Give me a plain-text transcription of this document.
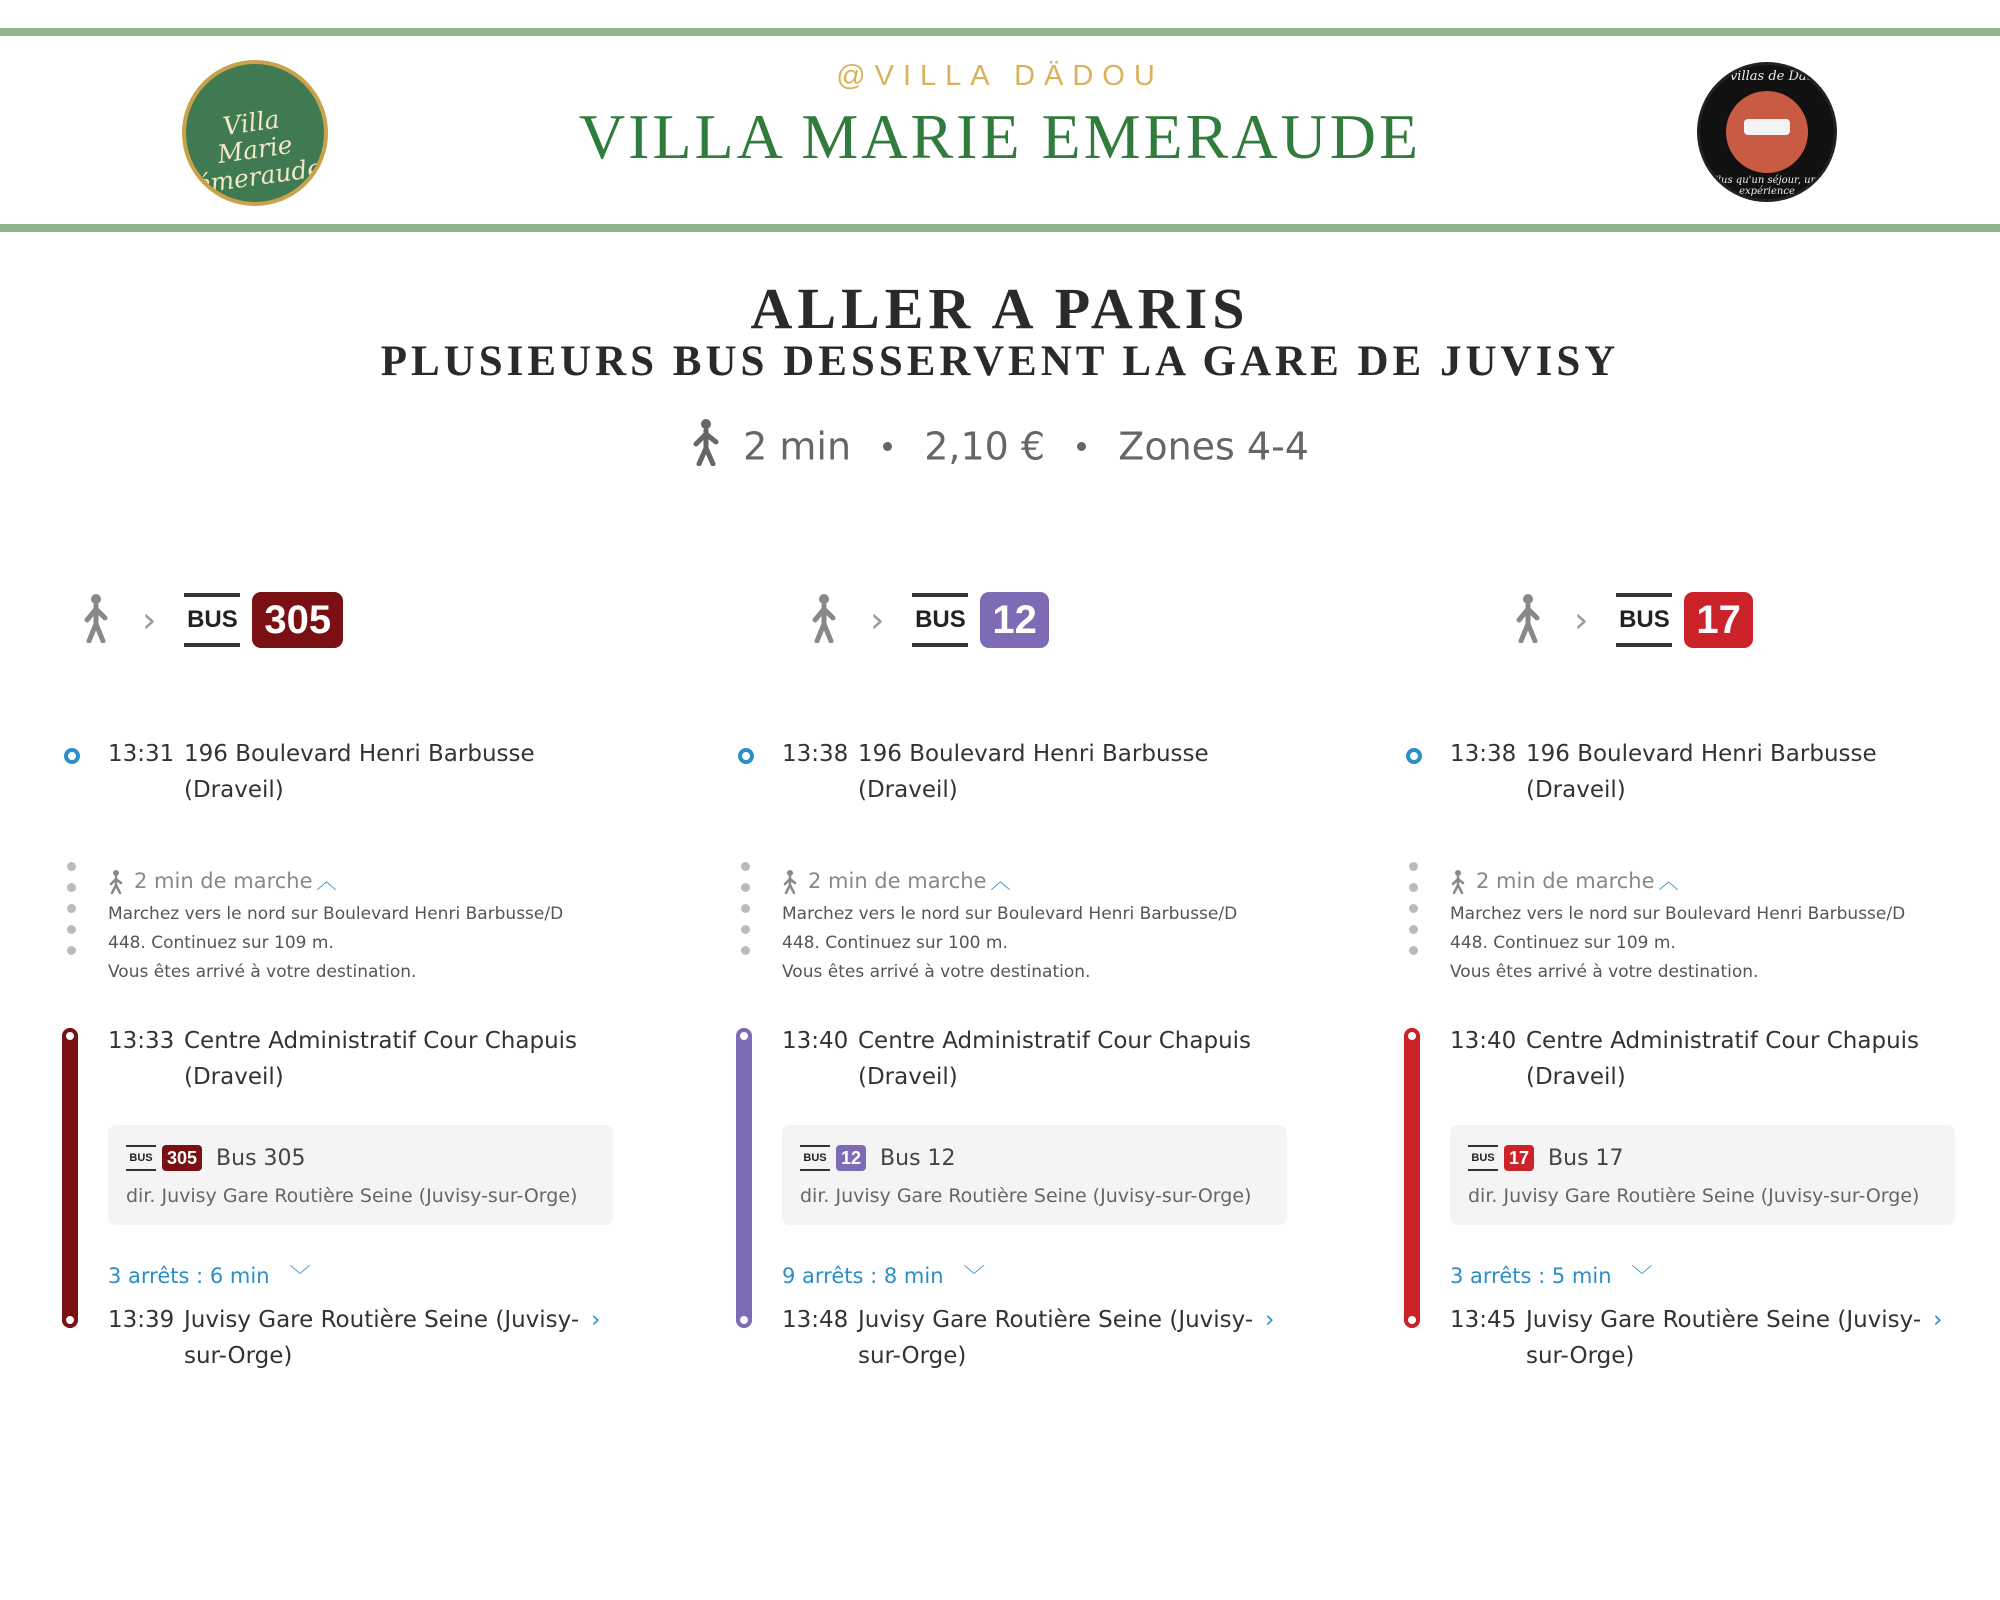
Villa Marie émeraude
Les villas de Dädou
Plus qu'un séjour, une expérience
@VILLA DÄDOU
VILLA MARIE EMERAUDE
ALLER A PARIS
PLUSIEURS BUS DESSERVENT LA GARE DE JUVISY
2 min 2,10 € Zones 4-4
› BUS 305
13:31 196 Boulevard Henri Barbusse
(Draveil)
2 min de marche ︿
Marchez vers le nord sur Boulevard Henri Barbusse/D
448. Continuez sur 109 m.
Vous êtes arrivé à votre destination.
13:33 Centre Administratif Cour Chapuis
(Draveil)
BUS 305 Bus 305
dir. Juvisy Gare Routière Seine (Juvisy-sur-Orge)
3 arrêts : 6 min ﹀
13:39 Juvisy Gare Routière Seine (Juvisy- ›
sur-Orge)
› BUS 12
13:38 196 Boulevard Henri Barbusse
(Draveil)
2 min de marche ︿
Marchez vers le nord sur Boulevard Henri Barbusse/D
448. Continuez sur 100 m.
Vous êtes arrivé à votre destination.
13:40 Centre Administratif Cour Chapuis
(Draveil)
BUS 12 Bus 12
dir. Juvisy Gare Routière Seine (Juvisy-sur-Orge)
9 arrêts : 8 min ﹀
13:48 Juvisy Gare Routière Seine (Juvisy- ›
sur-Orge)
› BUS 17
13:38 196 Boulevard Henri Barbusse
(Draveil)
2 min de marche ︿
Marchez vers le nord sur Boulevard Henri Barbusse/D
448. Continuez sur 109 m.
Vous êtes arrivé à votre destination.
13:40 Centre Administratif Cour Chapuis
(Draveil)
BUS 17 Bus 17
dir. Juvisy Gare Routière Seine (Juvisy-sur-Orge)
3 arrêts : 5 min ﹀
13:45 Juvisy Gare Routière Seine (Juvisy- ›
sur-Orge)
